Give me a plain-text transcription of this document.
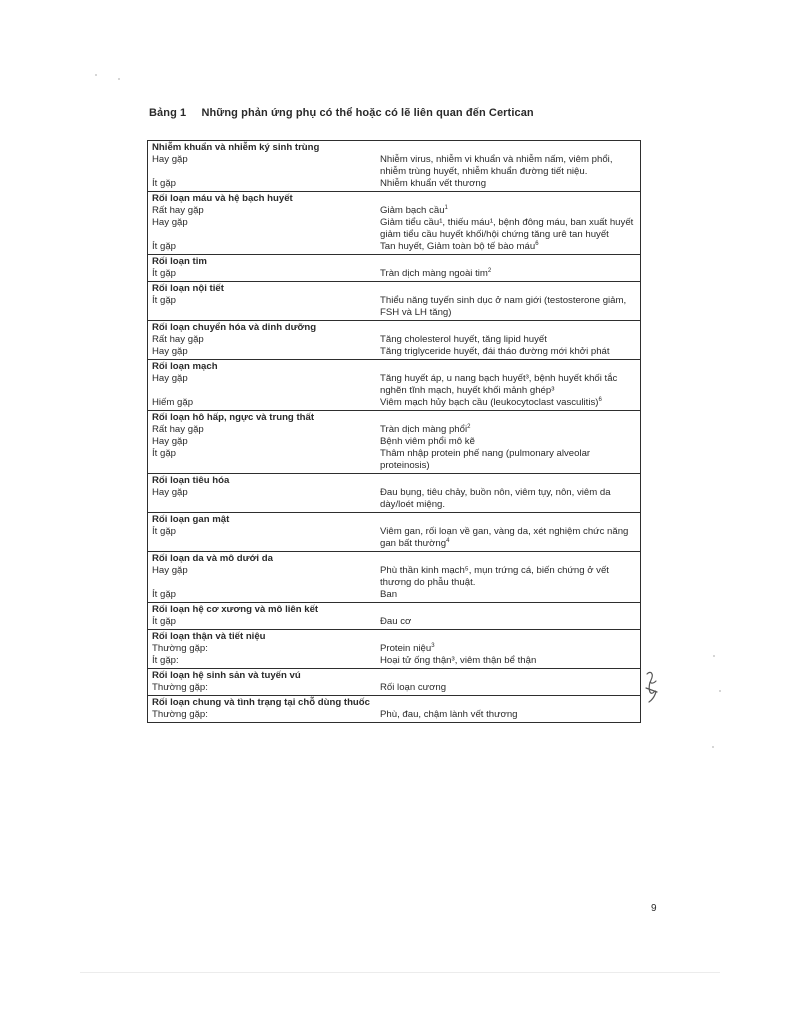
Bảng 1 Những phản ứng phụ có thể hoặc có lẽ liên quan đến Certican
Nhiễm khuẩn và nhiễm ký sinh trùng
Hay gặp	Nhiễm virus, nhiễm vi khuẩn và nhiễm nấm, viêm phổi, nhiễm trùng huyết, nhiễm khuẩn đường tiết niệu.
Ít gặp	Nhiễm khuẩn vết thương
Rối loạn máu và hệ bạch huyết
Rất hay gặp	Giảm bạch cầu$^1$
Hay gặp	Giảm tiểu cầu¹, thiếu máu¹, bệnh đông máu, ban xuất huyết giảm tiểu cầu huyết khối/hội chứng tăng urê tan huyết
Ít gặp	Tan huyết, Giảm toàn bộ tế bào máu$^6$
Rối loạn tim
Ít gặp	Tràn dịch màng ngoài tim$^2$
Rối loạn nội tiết
Ít gặp	Thiểu năng tuyến sinh dục ở nam giới (testosterone giảm, FSH và LH tăng)
Rối loạn chuyển hóa và dinh dưỡng
Rất hay gặp	Tăng cholesterol huyết, tăng lipid huyết
Hay gặp	Tăng triglyceride huyết, đái tháo đường mới khởi phát
Rối loạn mạch
Hay gặp	Tăng huyết áp, u nang bạch huyết³, bệnh huyết khối tắc nghẽn tĩnh mạch, huyết khối mảnh ghép³
Hiếm gặp	Viêm mạch hủy bạch cầu (leukocytoclast vasculitis)$^6$
Rối loạn hô hấp, ngực và trung thất
Rất hay gặp	Tràn dịch màng phổi$^2$
Hay gặp	Bệnh viêm phổi mô kẽ
Ít gặp	Thâm nhập protein phế nang (pulmonary alveolar proteinosis)
Rối loạn tiêu hóa
Hay gặp	Đau bụng, tiêu chảy, buồn nôn, viêm tụy, nôn, viêm da dày/loét miệng.
Rối loạn gan mật
Ít gặp	Viêm gan, rối loạn về gan, vàng da, xét nghiệm chức năng gan bất thường$^4$
Rối loạn da và mô dưới da
Hay gặp	Phù thần kinh mạch⁵, mụn trứng cá, biến chứng ở vết thương do phẫu thuật.
Ít gặp	Ban
Rối loạn hệ cơ xương và mô liên kết
Ít gặp	Đau cơ
Rối loạn thận và tiết niệu
Thường gặp:	Protein niệu$^3$
Ít gặp:	Hoại tử ống thận³, viêm thận bể thận
Rối loạn hệ sinh sản và tuyến vú
Thường gặp:	Rối loạn cương
Rối loạn chung và tình trạng tại chỗ dùng thuốc
Thường gặp:	Phù, đau, chậm lành vết thương
9
